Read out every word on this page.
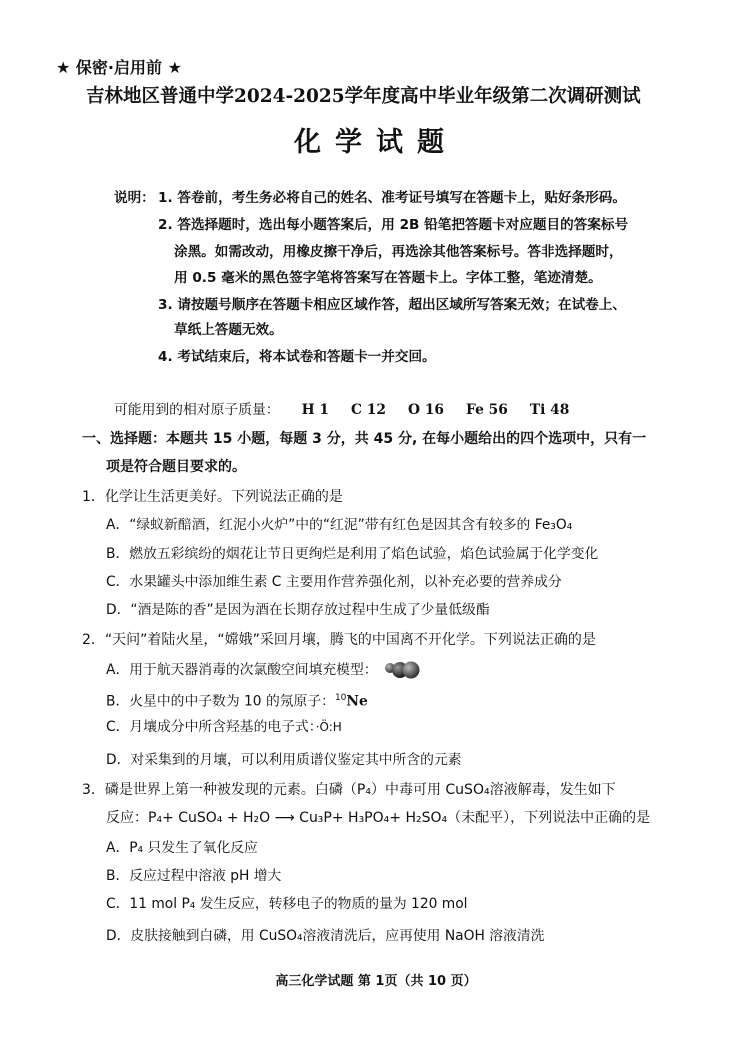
★ 保密·启用前 ★
吉林地区普通中学2024-2025学年度高中毕业年级第二次调研测试
化学试题
说明： 1. 答卷前，考生务必将自己的姓名、准考证号填写在答题卡上，贴好条形码。
2. 答选择题时，选出每小题答案后，用 2B 铅笔把答题卡对应题目的答案标号
涂黑。如需改动，用橡皮擦干净后，再选涂其他答案标号。答非选择题时，
用 0.5 毫米的黑色签字笔将答案写在答题卡上。字体工整，笔迹清楚。
3. 请按题号顺序在答题卡相应区域作答，超出区域所写答案无效；在试卷上、
草纸上答题无效。
4. 考试结束后，将本试卷和答题卡一并交回。
可能用到的相对原子质量： H 1 C 12 O 16 Fe 56 Ti 48
一、选择题：本题共 15 小题，每题 3 分，共 45 分, 在每小题给出的四个选项中，只有一
项是符合题目要求的。
1．化学让生活更美好。下列说法正确的是
A．“绿蚁新醅酒，红泥小火炉”中的“红泥”带有红色是因其含有较多的 Fe₃O₄
B．燃放五彩缤纷的烟花让节日更绚烂是利用了焰色试验，焰色试验属于化学变化
C．水果罐头中添加维生素 C 主要用作营养强化剂，以补充必要的营养成分
D．“酒是陈的香”是因为酒在长期存放过程中生成了少量低级酯
2．“天问”着陆火星，“嫦娥”采回月壤，腾飞的中国离不开化学。下列说法正确的是
A．用于航天器消毒的次氯酸空间填充模型：
B．火星中的中子数为 10 的氖原子：$^{10}$Ne
C．月壤成分中所含羟基的电子式：·Ö:H
D．对采集到的月壤，可以利用质谱仪鉴定其中所含的元素
3．磷是世界上第一种被发现的元素。白磷（P₄）中毒可用 CuSO₄溶液解毒，发生如下
反应：P₄+ CuSO₄ + H₂O ⟶ Cu₃P+ H₃PO₄+ H₂SO₄（未配平），下列说法中正确的是
A．P₄ 只发生了氧化反应
B．反应过程中溶液 pH 增大
C．11 mol P₄ 发生反应，转移电子的物质的量为 120 mol
D．皮肤接触到白磷，用 CuSO₄溶液清洗后，应再使用 NaOH 溶液清洗
高三化学试题 第 1页（共 10 页）
